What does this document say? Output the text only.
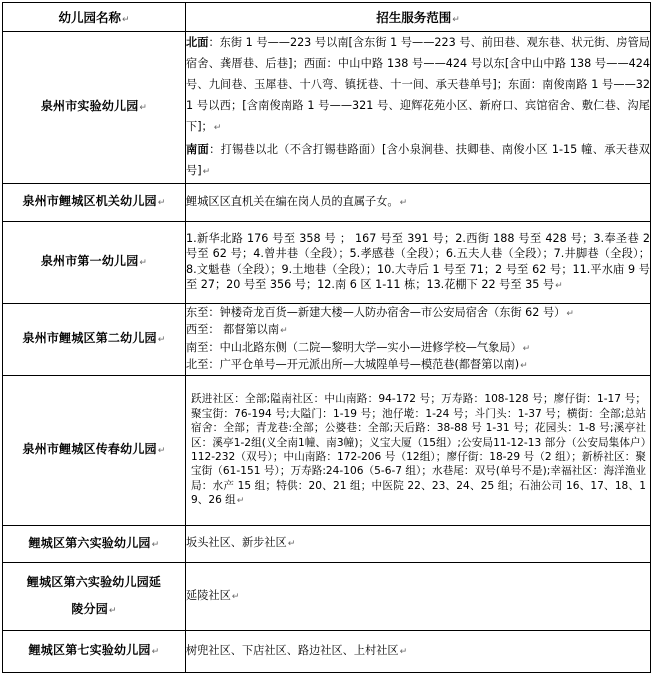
幼儿园名称↵	招生服务范围↵
泉州市实验幼儿园↵	北面：东街 1 号——223 号以南[含东街 1 号——223 号、前田巷、观东巷、状元街、房管局宿舍、龚厝巷、后巷]；西面：中山中路 138 号——424 号以东[含中山中路 138 号——424 号、九间巷、玉犀巷、十八弯、镇抚巷、十一间、承天巷单号]；东面：南俊南路 1 号——321 号以西；[含南俊南路 1 号——321 号、迎辉花苑小区、新府口、宾馆宿舍、敷仁巷、沟尾下]；↵
南面：打锡巷以北（不含打锡巷路面）[含小泉涧巷、扶卿巷、南俊小区 1-15 幢、承天巷双号]↵

泉州市鲤城区机关幼儿园↵	鲤城区区直机关在编在岗人员的直属子女。↵
泉州市第一幼儿园↵	1.新华北路 176 号至 358 号 ； 167 号至 391 号；2.西街 188 号至 428 号；3.奉圣巷 2 号至 62 号；4.曾井巷（全段）；5.孝感巷（全段）；6.五夫人巷（全段）；7.井脚巷（全段）；8.文魁巷（全段）；9.土地巷（全段）；10.大寺后 1 号至 71；2 号至 62 号；11.平水庙 9 号至 27；20 号至 356 号；12.南 6 区 1-11 栋；13.花棚下 22 号至 35 号↵
泉州市鲤城区第二幼儿园↵	东至：钟楼奇龙百货—新建大楼—人防办宿舍—市公安局宿舍（东街 62 号）↵
西至： 都督第以南↵
南至：中山北路东侧（二院—黎明大学—实小—进修学校—气象局）↵
北至：广平仓单号—开元派出所—大城隍单号—模范巷(都督第以南)↵

泉州市鲤城区传春幼儿园↵	跃进社区：全部;隘南社区：中山南路：94-172 号；万寿路：108-128 号；廖仔街：1-17 号；聚宝街：76-194 号;大隘门：1-19 号；池仔墘：1-24 号；斗门头：1-37 号；横街：全部;总站宿舍：全部；青龙巷:全部；公婆巷：全部;天后路：38-88 号 1-31 号；花园头：1-8 号;溪亭社区：溪亭1-2组(义全南1幢、南3幢)；义宝大厦（15组）;公安局11-12-13 部分（公安局集体户）112-232（双号）；中山南路：172-206 号（12组）；廖仔街：18-29 号（2 组）；新桥社区：聚宝街（61-151 号）；万寿路:24-106（5-6-7 组）；水巷尾：双号(单号不是);幸福社区：海洋渔业局：水产 15 组；特供：20、21 组；中医院 22、23、24、25 组；石油公司 16、17、18、19、26 组↵
鲤城区第六实验幼儿园↵	坂头社区、新步社区↵
鲤城区第六实验幼儿园延陵分园↵	延陵社区↵
鲤城区第七实验幼儿园↵	树兜社区、下店社区、路边社区、上村社区↵
